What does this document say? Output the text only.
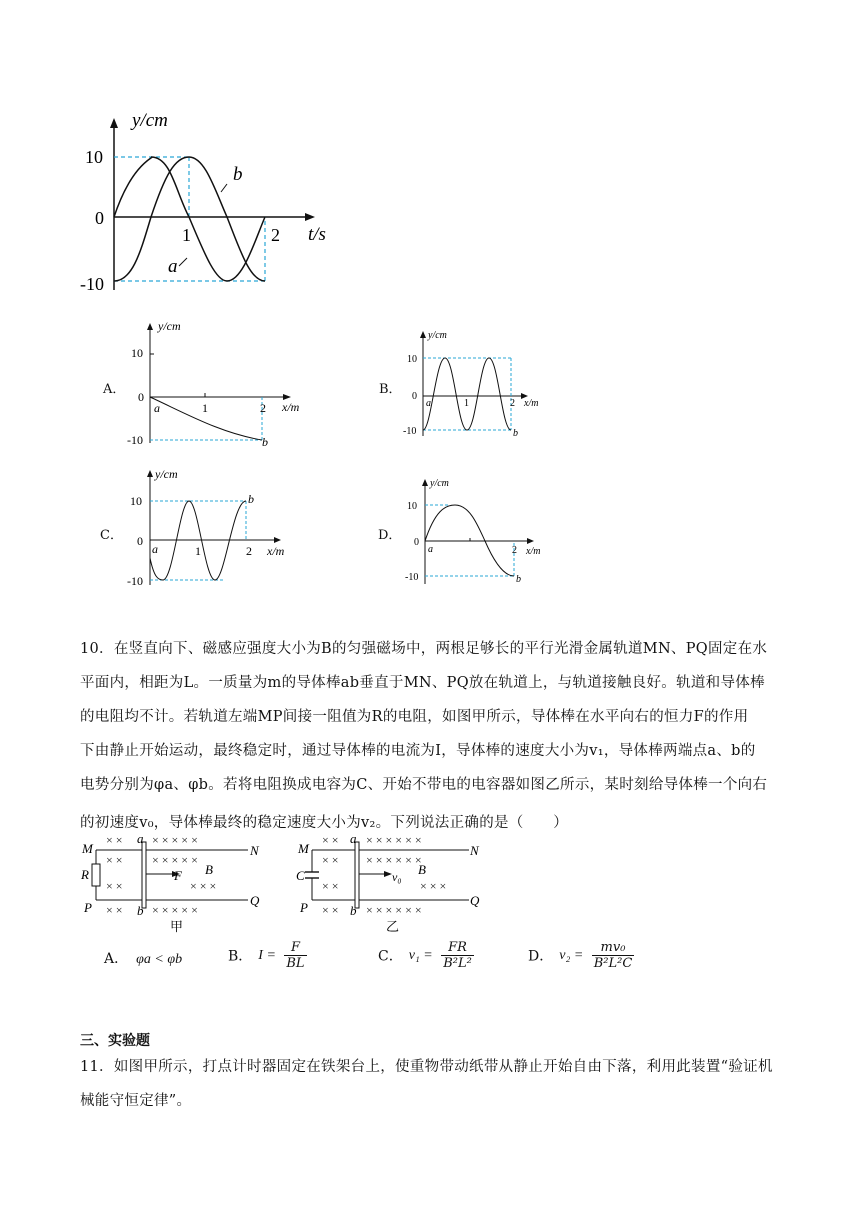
y/cm
t/s
10
0
-10
1	2
a
b
A．
y/cm
x/m
10
0
-10
1	2
a
b
B．
y/cm
x/m
10
0
-10
1	2
a
b
C．
y/cm
x/m
10
0
-10
1	2
a
b
D．
y/cm
x/m
10
0
-10
2
a
b
10．在竖直向下、磁感应强度大小为B的匀强磁场中，两根足够长的平行光滑金属轨道MN、PQ固定在水
平面内，相距为L。一质量为m的导体棒ab垂直于MN、PQ放在轨道上，与轨道接触良好。轨道和导体棒
的电阻均不计。若轨道左端MP间接一阻值为R的电阻，如图甲所示，导体棒在水平向右的恒力F的作用
下由静止开始运动，最终稳定时，通过导体棒的电流为I，导体棒的速度大小为v₁，导体棒两端点a、b的
电势分别为φa、φb。若将电阻换成电容为C、开始不带电的电容器如图乙所示，某时刻给导体棒一个向右
的初速度v₀，导体棒最终的稳定速度大小为v₂。下列说法正确的是（　　）
× × × × × × ×
× × × × × × ×
× ×	× × ×
× × × × × × ×
M	N
P	Q
R
a
b
F B
甲
× × × × × × × ×
× × × × × × × ×
× ×	× × ×
× × × × × × × ×
M	N
P	Q
C
a
b
v₀ B
乙
A． φa < φb	B． $I = \frac{F}{BL}$	C． $v_1 = \frac{FR}{\text{B²L²}}$	D． $v_2 = \frac{\text{mv₀}}{\text{B²L²C}}$
三、实验题
11．如图甲所示，打点计时器固定在铁架台上，使重物带动纸带从静止开始自由下落，利用此装置“验证机
械能守恒定律”。
